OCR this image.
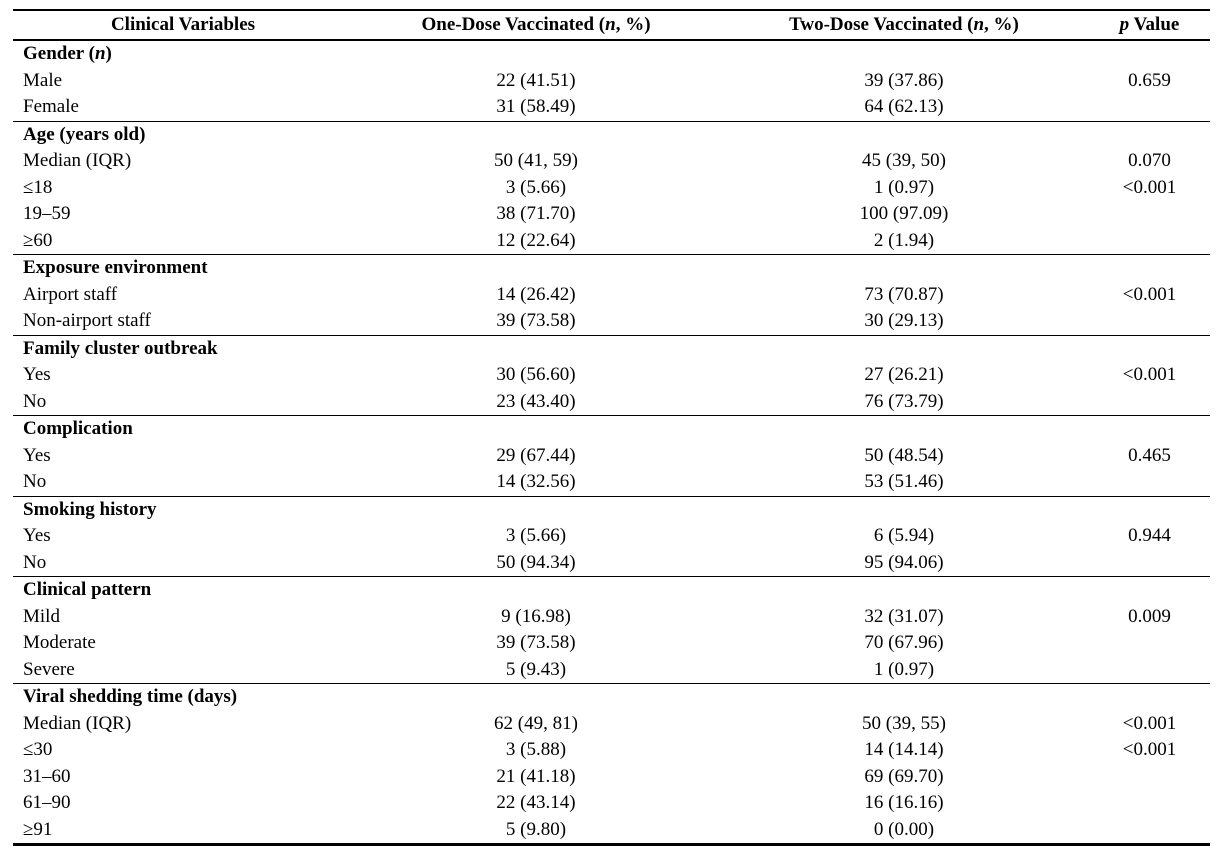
Clinical Variables	One-Dose Vaccinated (n, %)	Two-Dose Vaccinated (n, %)	p Value
Gender (n)			
Male	22 (41.51)	39 (37.86)	0.659
Female	31 (58.49)	64 (62.13)	
Age (years old)			
Median (IQR)	50 (41, 59)	45 (39, 50)	0.070
≤18	3 (5.66)	1 (0.97)	<0.001
19–59	38 (71.70)	100 (97.09)	
≥60	12 (22.64)	2 (1.94)	
Exposure environment			
Airport staff	14 (26.42)	73 (70.87)	<0.001
Non-airport staff	39 (73.58)	30 (29.13)	
Family cluster outbreak			
Yes	30 (56.60)	27 (26.21)	<0.001
No	23 (43.40)	76 (73.79)	
Complication			
Yes	29 (67.44)	50 (48.54)	0.465
No	14 (32.56)	53 (51.46)	
Smoking history			
Yes	3 (5.66)	6 (5.94)	0.944
No	50 (94.34)	95 (94.06)	
Clinical pattern			
Mild	9 (16.98)	32 (31.07)	0.009
Moderate	39 (73.58)	70 (67.96)	
Severe	5 (9.43)	1 (0.97)	
Viral shedding time (days)			
Median (IQR)	62 (49, 81)	50 (39, 55)	<0.001
≤30	3 (5.88)	14 (14.14)	<0.001
31–60	21 (41.18)	69 (69.70)	
61–90	22 (43.14)	16 (16.16)	
≥91	5 (9.80)	0 (0.00)	
